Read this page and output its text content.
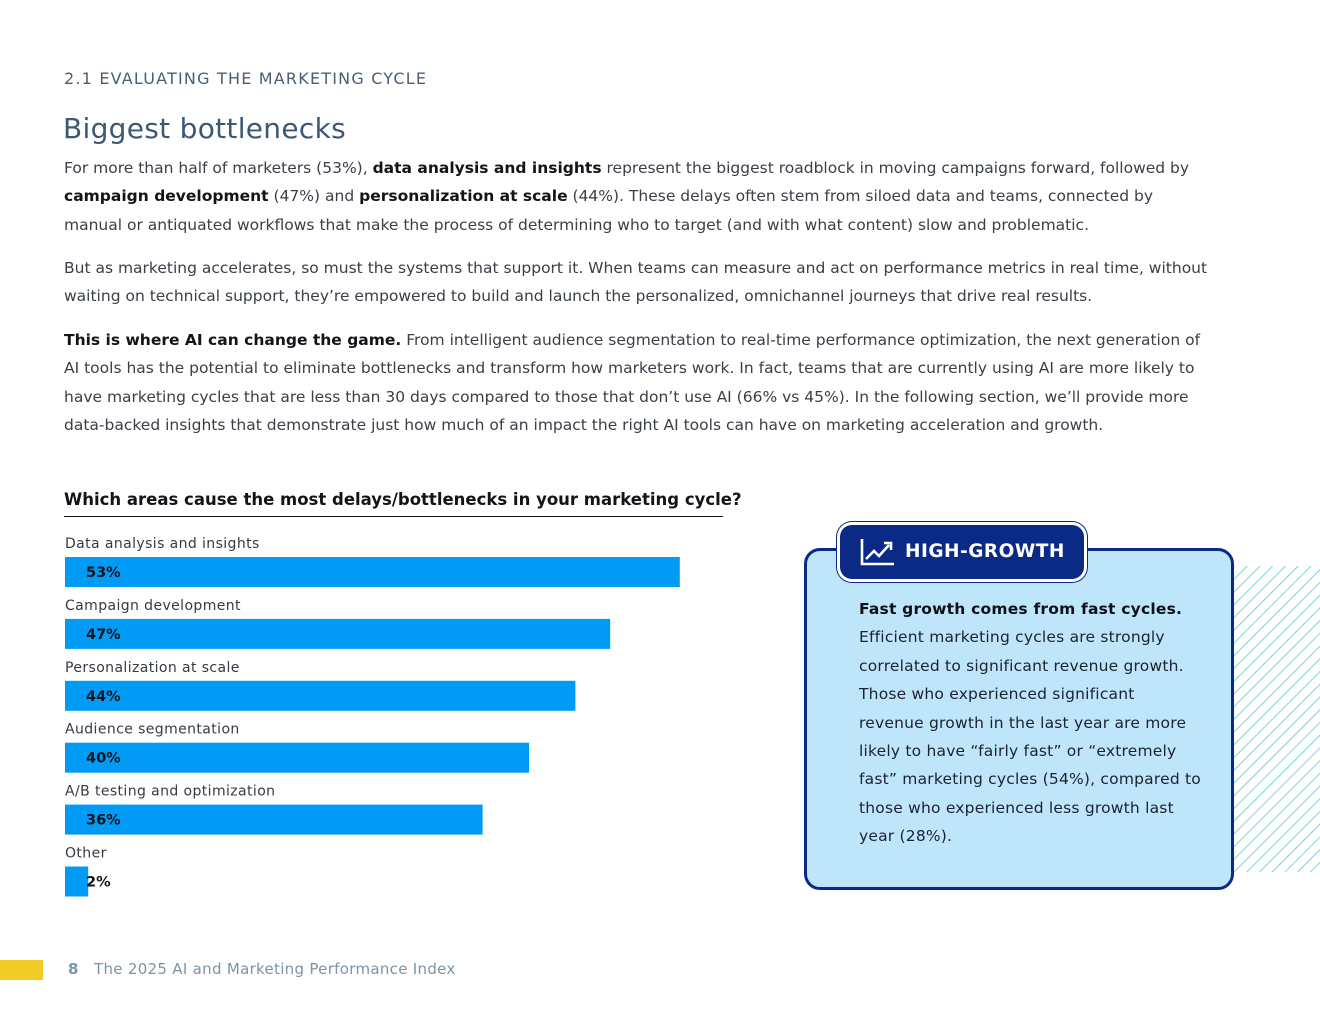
2.1 EVALUATING THE MARKETING CYCLE
Biggest bottlenecks

For more than half of marketers (53%), data analysis and insights represent the biggest roadblock in moving campaigns forward, followed by campaign development (47%) and personalization at scale (44%). These delays often stem from siloed data and teams, connected by manual or antiquated workflows that make the process of determining who to target (and with what content) slow and problematic.

But as marketing accelerates, so must the systems that support it. When teams can measure and act on performance metrics in real time, without waiting on technical support, they’re empowered to build and launch the personalized, omnichannel journeys that drive real results.

This is where AI can change the game. From intelligent audience segmentation to real-time performance optimization, the next generation of AI tools has the potential to eliminate bottlenecks and transform how marketers work. In fact, teams that are currently using AI are more likely to have marketing cycles that are less than 30 days compared to those that don’t use AI (66% vs 45%). In the following section, we’ll provide more data-backed insights that demonstrate just how much of an impact the right AI tools can have on marketing acceleration and growth.

Which areas cause the most delays/bottlenecks in your marketing cycle?
Data analysis and insights
53%
Campaign development
47%
Personalization at scale
44%
Audience segmentation
40%
A/B testing and optimization
36%
Other
2%
HIGH-GROWTH

Fast growth comes from fast cycles. Efficient marketing cycles are strongly correlated to significant revenue growth. Those who experienced significant revenue growth in the last year are more likely to have “fairly fast” or “extremely fast” marketing cycles (54%), compared to those who experienced less growth last year (28%).

8 The 2025 AI and Marketing Performance Index
